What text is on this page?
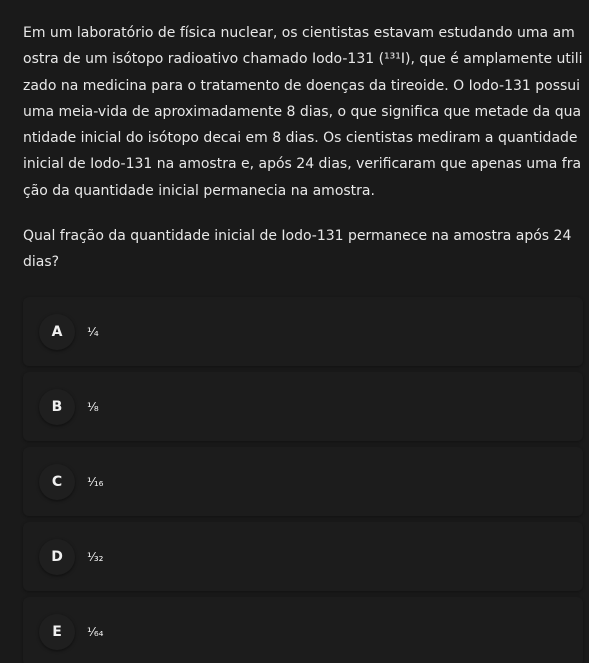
Em um laboratório de física nuclear, os cientistas estavam estudando uma amostra de um isótopo radioativo chamado Iodo-131 (¹³¹I), que é amplamente utilizado na medicina para o tratamento de doenças da tireoide. O Iodo-131 possui uma meia-vida de aproximadamente 8 dias, o que significa que metade da quantidade inicial do isótopo decai em 8 dias. Os cientistas mediram a quantidade inicial de Iodo-131 na amostra e, após 24 dias, verificaram que apenas uma fração da quantidade inicial permanecia na amostra.

Qual fração da quantidade inicial de Iodo-131 permanece na amostra após 24 dias?

A	¹⁄₄
B	¹⁄₈
C	¹⁄₁₆
D	¹⁄₃₂
E	¹⁄₆₄
